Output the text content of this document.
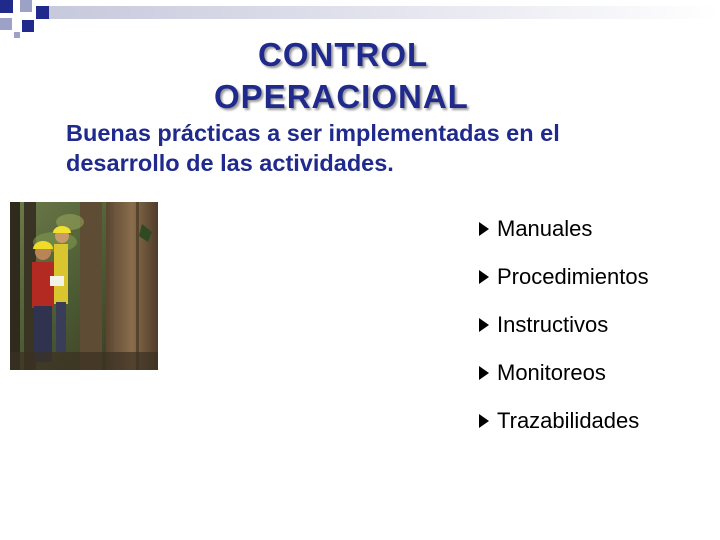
CONTROL
OPERACIONAL
Buenas prácticas a ser implementadas en el
desarrollo de las actividades.
Manuales
Procedimientos
Instructivos
Monitoreos
Trazabilidades
